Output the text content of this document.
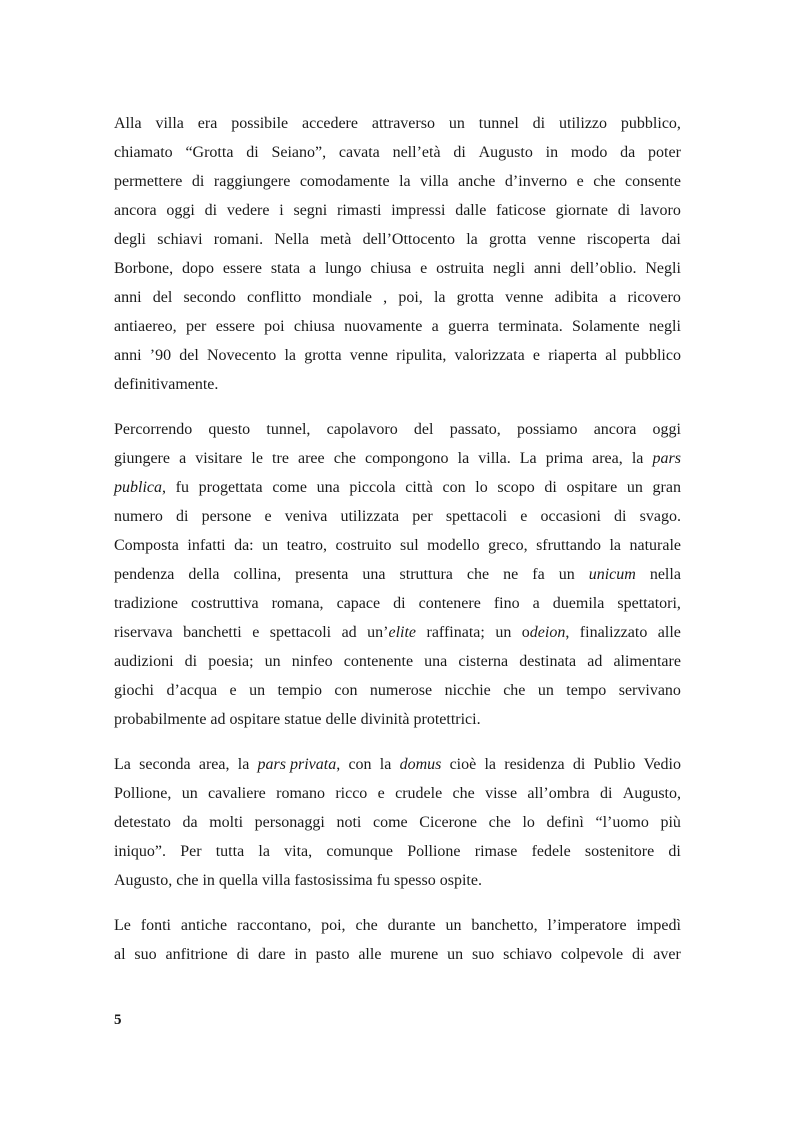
Alla villa era possibile accedere attraverso un tunnel di utilizzo pubblico,
chiamato “Grotta di Seiano”, cavata nell’età di Augusto in modo da poter
permettere di raggiungere comodamente la villa anche d’inverno e che consente
ancora oggi di vedere i segni rimasti impressi dalle faticose giornate di lavoro
degli schiavi romani. Nella metà dell’Ottocento la grotta venne riscoperta dai
Borbone, dopo essere stata a lungo chiusa e ostruita negli anni dell’oblio. Negli
anni del secondo conflitto mondiale , poi, la grotta venne adibita a ricovero
antiaereo, per essere poi chiusa nuovamente a guerra terminata. Solamente negli
anni ’90 del Novecento la grotta venne ripulita, valorizzata e riaperta al pubblico
definitivamente.
Percorrendo questo tunnel, capolavoro del passato, possiamo ancora oggi
giungere a visitare le tre aree che compongono la villa. La prima area, la pars
publica, fu progettata come una piccola città con lo scopo di ospitare un gran
numero di persone e veniva utilizzata per spettacoli e occasioni di svago.
Composta infatti da: un teatro, costruito sul modello greco, sfruttando la naturale
pendenza della collina, presenta una struttura che ne fa un unicum nella
tradizione costruttiva romana, capace di contenere fino a duemila spettatori,
riservava banchetti e spettacoli ad un’elite raffinata; un odeion, finalizzato alle
audizioni di poesia; un ninfeo contenente una cisterna destinata ad alimentare
giochi d’acqua e un tempio con numerose nicchie che un tempo servivano
probabilmente ad ospitare statue delle divinità protettrici.
La seconda area, la pars privata, con la domus cioè la residenza di Publio Vedio
Pollione, un cavaliere romano ricco e crudele che visse all’ombra di Augusto,
detestato da molti personaggi noti come Cicerone che lo definì “l’uomo più
iniquo”. Per tutta la vita, comunque Pollione rimase fedele sostenitore di
Augusto, che in quella villa fastosissima fu spesso ospite.
Le fonti antiche raccontano, poi, che durante un banchetto, l’imperatore impedì
al suo anfitrione di dare in pasto alle murene un suo schiavo colpevole di aver
5
